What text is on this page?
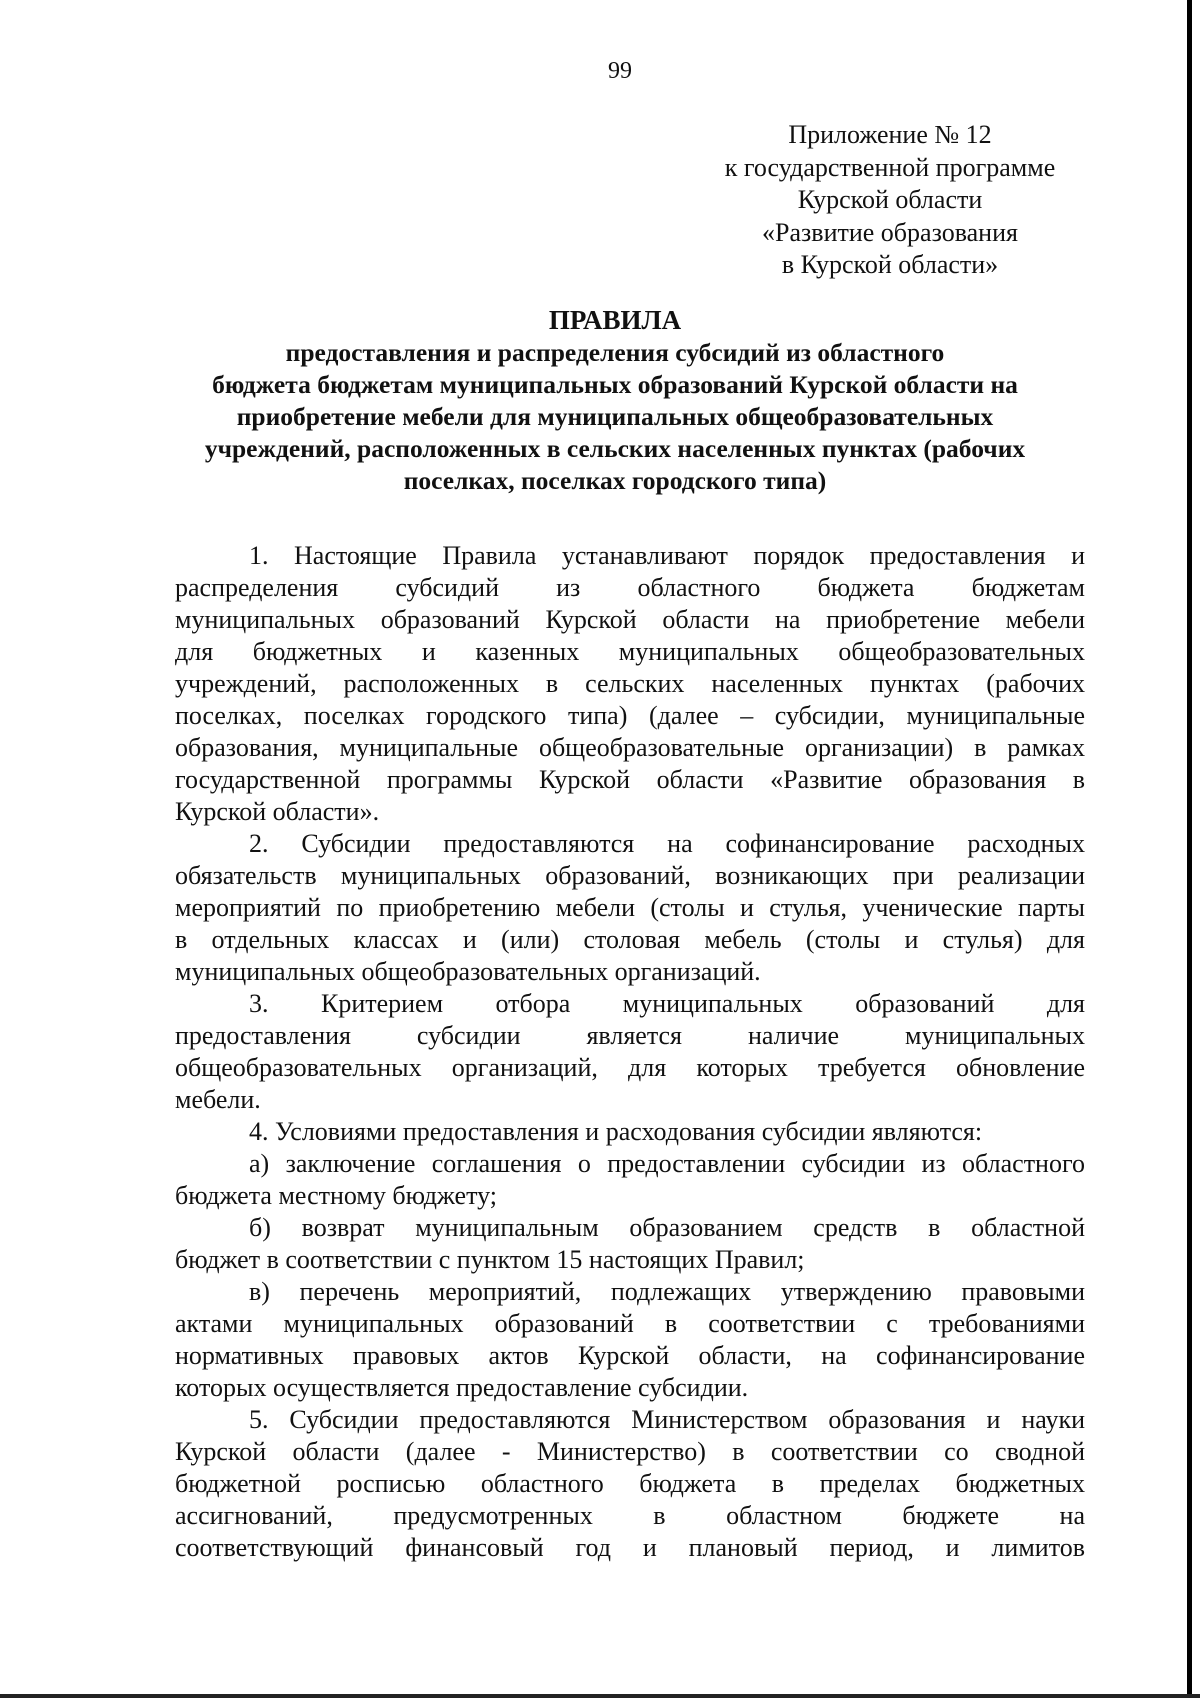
99
Приложение № 12
к государственной программе
Курской области
«Развитие образования
в Курской области»
ПРАВИЛА
предоставления и распределения субсидий из областного
бюджета бюджетам муниципальных образований Курской области на
приобретение мебели для муниципальных общеобразовательных
учреждений, расположенных в сельских населенных пунктах (рабочих
поселках, поселках городского типа)
1. Настоящие Правила устанавливают порядок предоставления и
распределения субсидий из областного бюджета бюджетам
муниципальных образований Курской области на приобретение мебели
для бюджетных и казенных муниципальных общеобразовательных
учреждений, расположенных в сельских населенных пунктах (рабочих
поселках, поселках городского типа) (далее – субсидии, муниципальные
образования, муниципальные общеобразовательные организации) в рамках
государственной программы Курской области «Развитие образования в
Курской области».
2. Субсидии предоставляются на софинансирование расходных
обязательств муниципальных образований, возникающих при реализации
мероприятий по приобретению мебели (столы и стулья, ученические парты
в отдельных классах и (или) столовая мебель (столы и стулья) для
муниципальных общеобразовательных организаций.
3. Критерием отбора муниципальных образований для
предоставления субсидии является наличие муниципальных
общеобразовательных организаций, для которых требуется обновление
мебели.
4. Условиями предоставления и расходования субсидии являются:
а) заключение соглашения о предоставлении субсидии из областного
бюджета местному бюджету;
б) возврат муниципальным образованием средств в областной
бюджет в соответствии с пунктом 15 настоящих Правил;
в) перечень мероприятий, подлежащих утверждению правовыми
актами муниципальных образований в соответствии с требованиями
нормативных правовых актов Курской области, на софинансирование
которых осуществляется предоставление субсидии.
5. Субсидии предоставляются Министерством образования и науки
Курской области (далее - Министерство) в соответствии со сводной
бюджетной росписью областного бюджета в пределах бюджетных
ассигнований, предусмотренных в областном бюджете на
соответствующий финансовый год и плановый период, и лимитов
